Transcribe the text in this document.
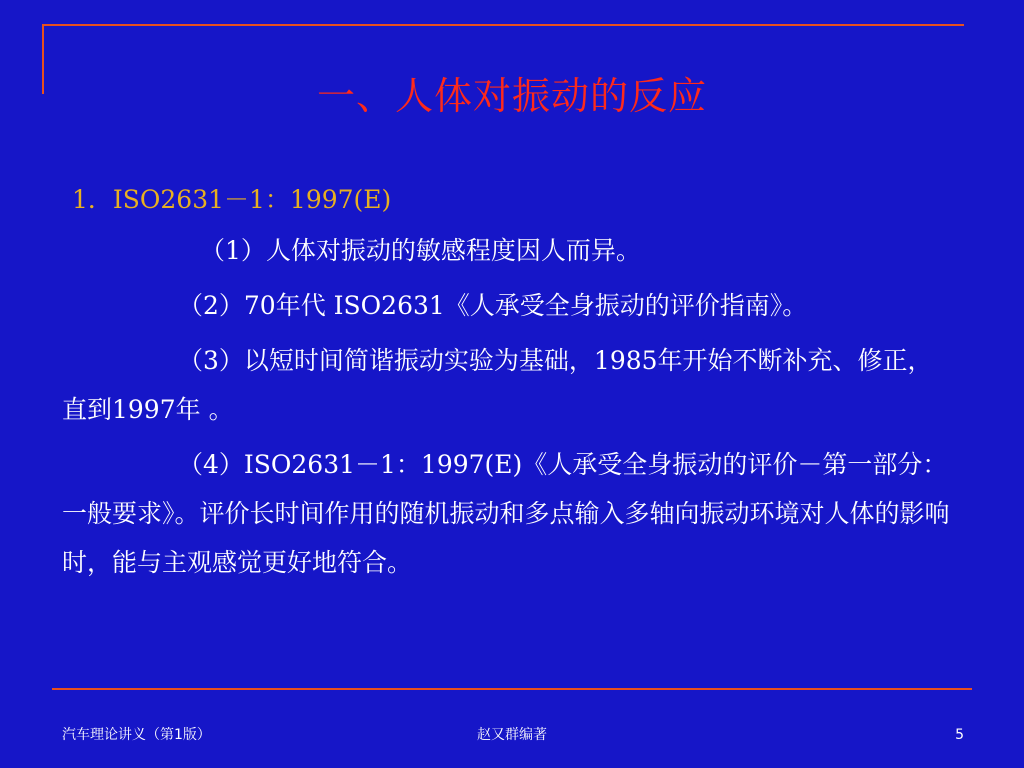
一、人体对振动的反应
1．ISO2631－1：1997(E)

（1）人体对振动的敏感程度因人而异。

（2）70年代 ISO2631《人承受全身振动的评价指南》。

（3）以短时间简谐振动实验为基础，1985年开始不断补充、修正，直到1997年 。

（4）ISO2631－1：1997(E)《人承受全身振动的评价－第一部分：一般要求》。评价长时间作用的随机振动和多点输入多轴向振动环境对人体的影响时，能与主观感觉更好地符合。

汽车理论讲义（第1版）	赵又群编著	5
